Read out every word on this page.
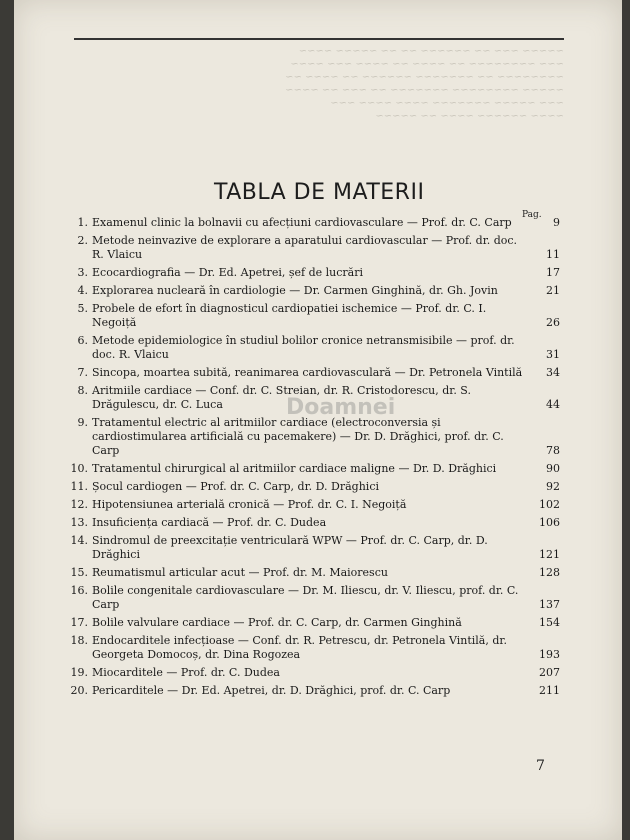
~~~~~ ~~~ ~~ ~~~~~~ ~~ ~~ ~~~~~ ~~~~
~~~ ~~~~~~~~ ~~ ~~~~ ~~ ~~~~ ~~~ ~~~~
~~~~~~~~ ~~ ~~~~~~~ ~~~~~~ ~~ ~~~~ ~~
~~~~~ ~~~~~~~~ ~~~~~~~ ~~ ~~~ ~~ ~~~~
~~~ ~~~~~ ~~~~~~~ ~~~~ ~~~~ ~~~
~~~~ ~~~~~~ ~~~~ ~~ ~~~~~
TABLA DE MATERII
Pag.
1. Examenul clinic la bolnavii cu afecțiuni cardiovasculare — Prof. dr. C. Carp	9
2. Metode neinvazive de explorare a aparatului cardiovascular — Prof. dr. doc. R. Vlaicu	11
3. Ecocardiografia — Dr. Ed. Apetrei, șef de lucrări	17
4. Explorarea nucleară în cardiologie — Dr. Carmen Ginghină, dr. Gh. Jovin	21
5. Probele de efort în diagnosticul cardiopatiei ischemice — Prof. dr. C. I. Negoiță	26
6. Metode epidemiologice în studiul bolilor cronice netransmisibile — prof. dr. doc. R. Vlaicu	31
7. Sincopa, moartea subită, reanimarea cardiovasculară — Dr. Petronela Vintilă	34
8. Aritmiile cardiace — Conf. dr. C. Streian, dr. R. Cristodorescu, dr. S. Drăgulescu, dr. C. Luca	44
9. Tratamentul electric al aritmiilor cardiace (electroconversia și cardiostimularea artificială cu pacemakere) — Dr. D. Drăghici, prof. dr. C. Carp	78
10. Tratamentul chirurgical al aritmiilor cardiace maligne — Dr. D. Drăghici	90
11. Șocul cardiogen — Prof. dr. C. Carp, dr. D. Drăghici	92
12. Hipotensiunea arterială cronică — Prof. dr. C. I. Negoiță	102
13. Insuficiența cardiacă — Prof. dr. C. Dudea	106
14. Sindromul de preexcitație ventriculară WPW — Prof. dr. C. Carp, dr. D. Drăghici	121
15. Reumatismul articular acut — Prof. dr. M. Maiorescu	128
16. Bolile congenitale cardiovasculare — Dr. M. Iliescu, dr. V. Iliescu, prof. dr. C. Carp	137
17. Bolile valvulare cardiace — Prof. dr. C. Carp, dr. Carmen Ginghină	154
18. Endocarditele infecțioase — Conf. dr. R. Petrescu, dr. Petronela Vintilă, dr. Georgeta Domocoș, dr. Dina Rogozea	193
19. Miocarditele — Prof. dr. C. Dudea	207
20. Pericarditele — Dr. Ed. Apetrei, dr. D. Drăghici, prof. dr. C. Carp	211
Doamnei
7
